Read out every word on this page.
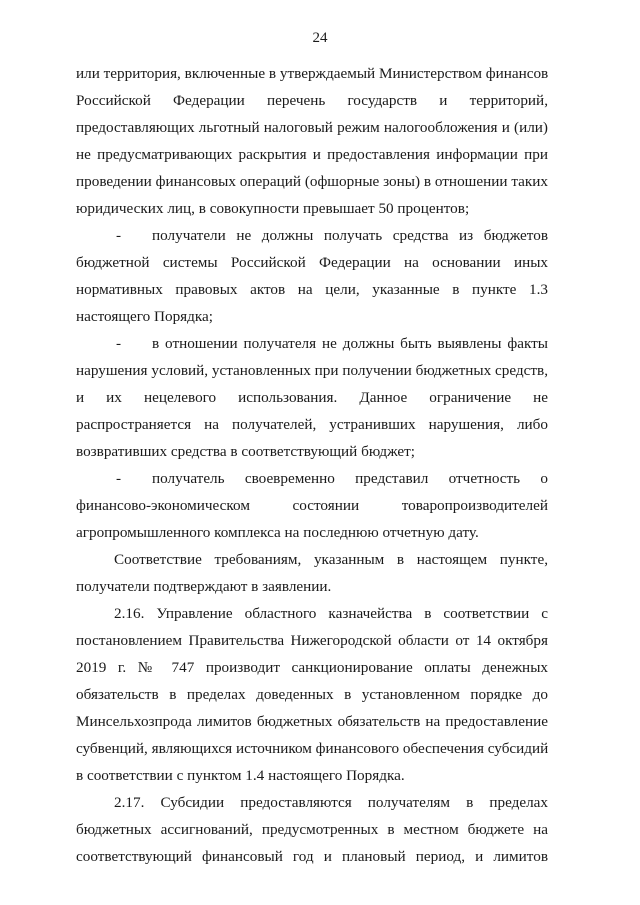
24
или территория, включенные в утверждаемый Министерством финансов
Российской Федерации перечень государств и территорий,
предоставляющих льготный налоговый режим налогообложения и (или)
не предусматривающих раскрытия и предоставления информации при
проведении финансовых операций (офшорные зоны) в отношении таких
юридических лиц, в совокупности превышает 50 процентов;
- получатели не должны получать средства из бюджетов
бюджетной системы Российской Федерации на основании иных
нормативных правовых актов на цели, указанные в пункте 1.3
настоящего Порядка;
- в отношении получателя не должны быть выявлены факты
нарушения условий, установленных при получении бюджетных средств,
и их нецелевого использования. Данное ограничение не
распространяется на получателей, устранивших нарушения, либо
возвративших средства в соответствующий бюджет;
- получатель своевременно представил отчетность о
финансово-экономическом состоянии товаропроизводителей
агропромышленного комплекса на последнюю отчетную дату.
Соответствие требованиям, указанным в настоящем пункте,
получатели подтверждают в заявлении.
2.16. Управление областного казначейства в соответствии с
постановлением Правительства Нижегородской области от 14 октября
2019 г. № 747 производит санкционирование оплаты денежных
обязательств в пределах доведенных в установленном порядке до
Минсельхозпрода лимитов бюджетных обязательств на предоставление
субвенций, являющихся источником финансового обеспечения субсидий
в соответствии с пунктом 1.4 настоящего Порядка.
2.17. Субсидии предоставляются получателям в пределах
бюджетных ассигнований, предусмотренных в местном бюджете на
соответствующий финансовый год и плановый период, и лимитов
